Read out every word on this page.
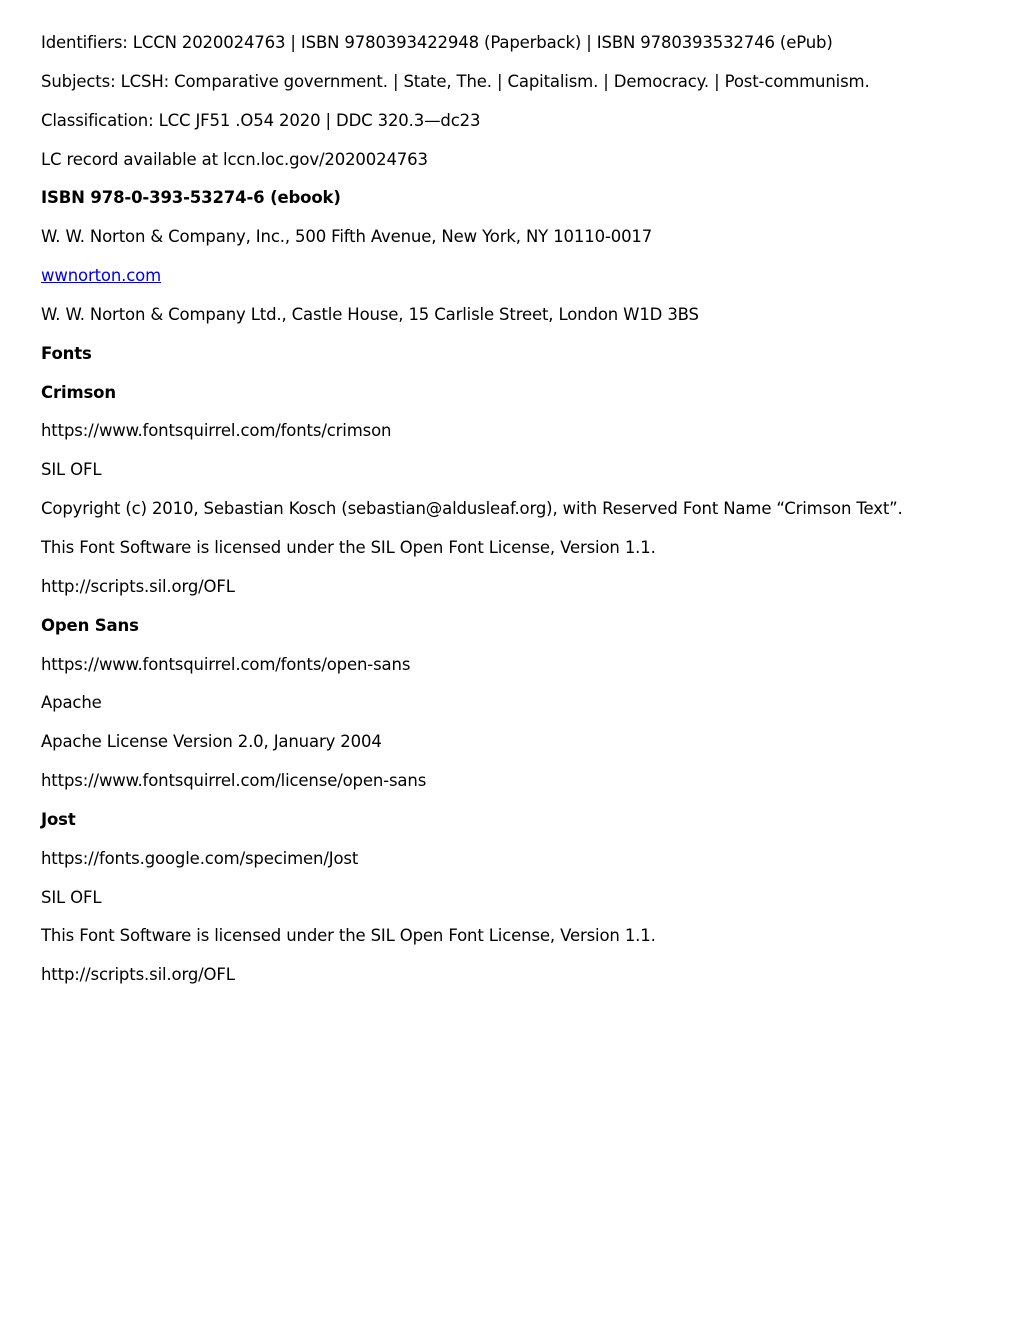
Identifiers: LCCN 2020024763 | ISBN 9780393422948 (Paperback) | ISBN 9780393532746 (ePub)
Subjects: LCSH: Comparative government. | State, The. | Capitalism. | Democracy. | Post-communism.
Classification: LCC JF51 .O54 2020 | DDC 320.3—dc23
LC record available at lccn.loc.gov/2020024763
ISBN 978-0-393-53274-6 (ebook)
W. W. Norton & Company, Inc., 500 Fifth Avenue, New York, NY 10110-0017
wwnorton.com
W. W. Norton & Company Ltd., Castle House, 15 Carlisle Street, London W1D 3BS
Fonts
Crimson
https://www.fontsquirrel.com/fonts/crimson
SIL OFL
Copyright (c) 2010, Sebastian Kosch (sebastian@aldusleaf.org), with Reserved Font Name “Crimson Text”.
This Font Software is licensed under the SIL Open Font License, Version 1.1.
http://scripts.sil.org/OFL
Open Sans
https://www.fontsquirrel.com/fonts/open-sans
Apache
Apache License Version 2.0, January 2004
https://www.fontsquirrel.com/license/open-sans
Jost
https://fonts.google.com/specimen/Jost
SIL OFL
This Font Software is licensed under the SIL Open Font License, Version 1.1.
http://scripts.sil.org/OFL
